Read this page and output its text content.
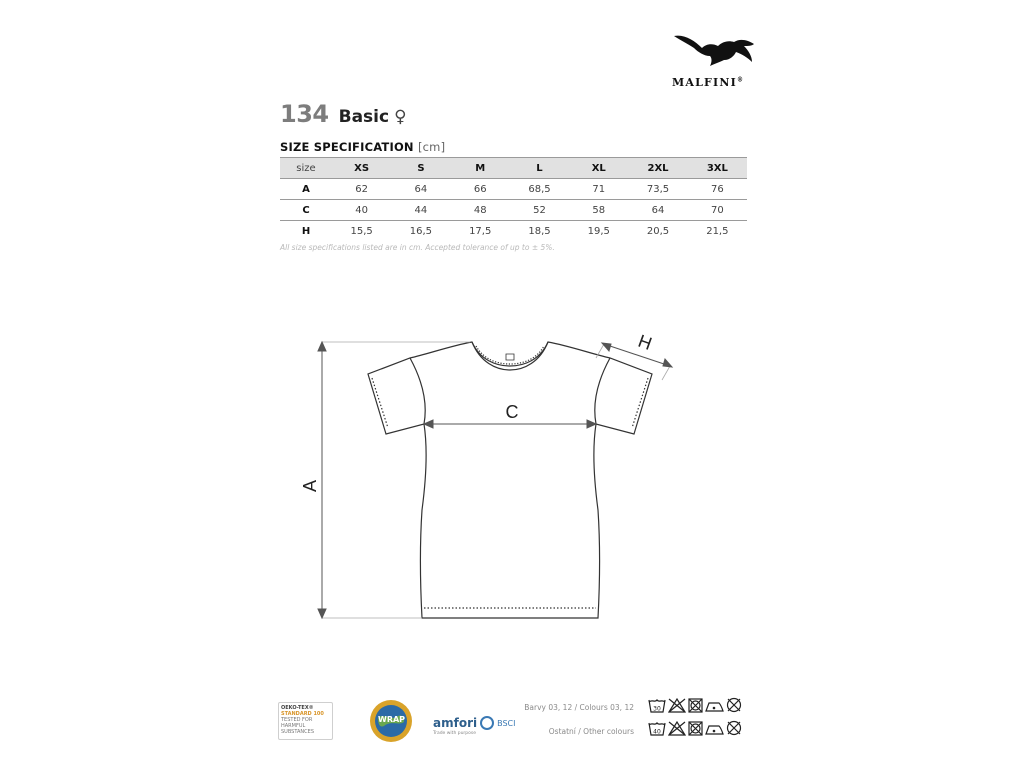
MALFINI®
134 Basic ♀
SIZE SPECIFICATION [cm]
size	XS	S	M	L	XL	2XL	3XL
A	62	64	66	68,5	71	73,5	76
C	40	44	48	52	58	64	70
H	15,5	16,5	17,5	18,5	19,5	20,5	21,5
All size specifications listed are in cm. Accepted tolerance of up to ± 5%.
A
C
H
OEKO-TEX®
STANDARD 100
TESTED FOR HARMFUL SUBSTANCES
WRAP amfori	BSCI
Trade with purpose
Barvy 03, 12 / Colours 03, 12
Ostatní / Other colours
30
40
